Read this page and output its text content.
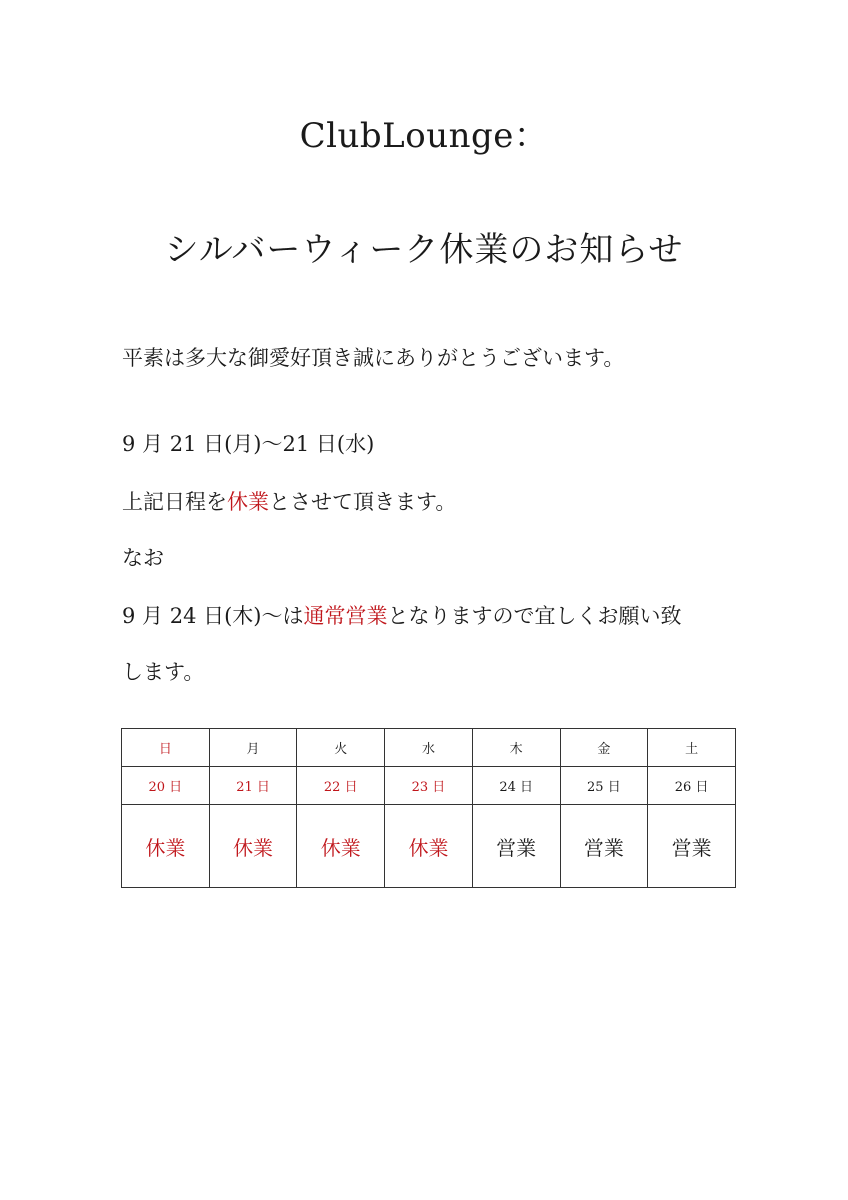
ClubLounge：
シルバーウィーク休業のお知らせ

平素は多大な御愛好頂き誠にありがとうございます。

9 月 21 日(月)〜21 日(水)

上記日程を休業とさせて頂きます。

なお

9 月 24 日(木)〜は通常営業となりますので宜しくお願い致

します。

日	月	火	水	木	金	土
20 日	21 日	22 日	23 日	24 日	25 日	26 日
休業	休業	休業	休業	営業	営業	営業
